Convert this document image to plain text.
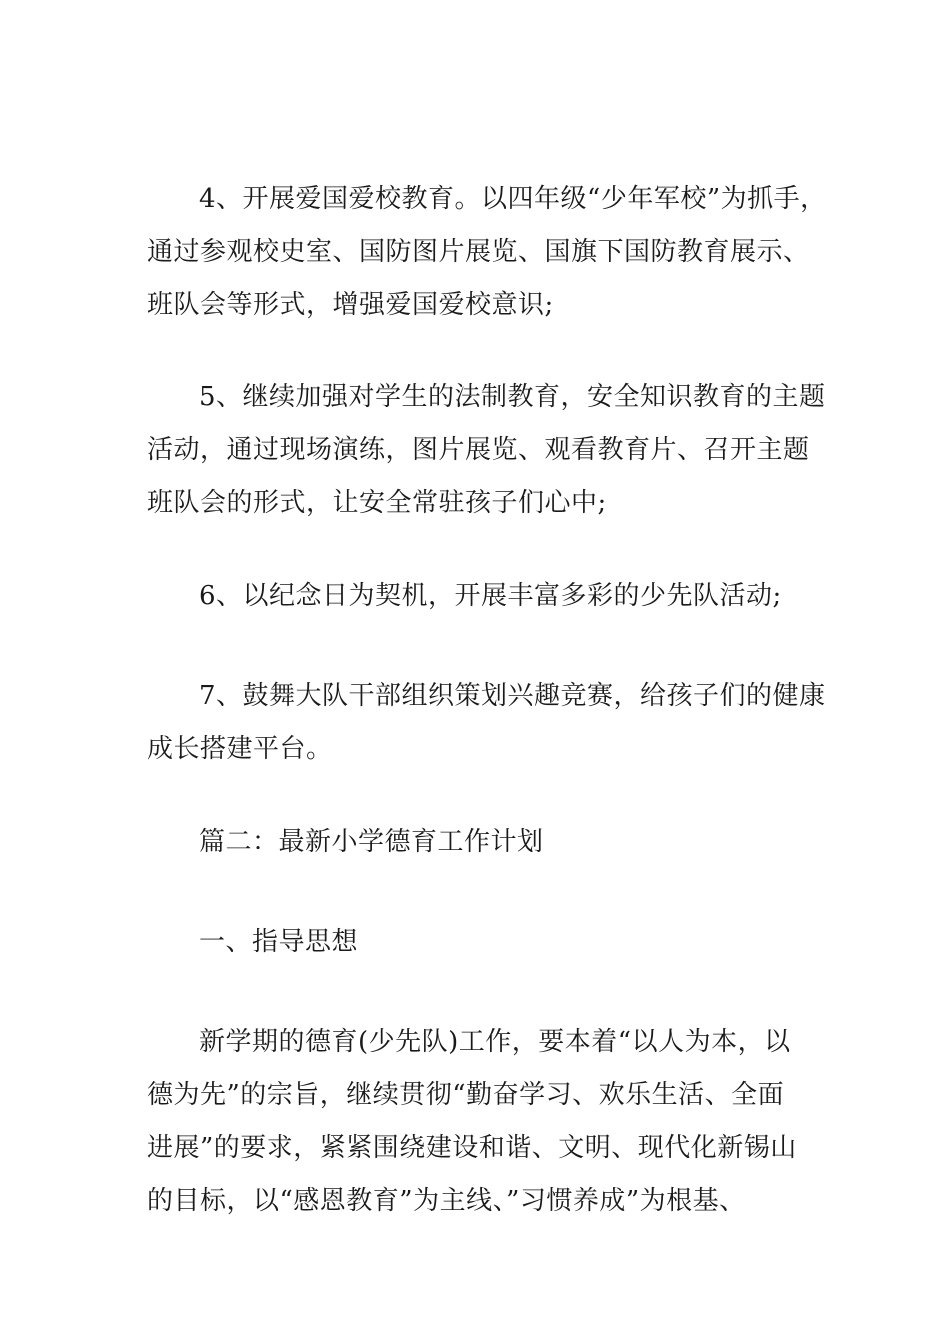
4、开展爱国爱校教育。以四年级“少年军校”为抓手，
通过参观校史室、国防图片展览、国旗下国防教育展示、
班队会等形式，增强爱国爱校意识;
5、继续加强对学生的法制教育，安全知识教育的主题
活动，通过现场演练，图片展览、观看教育片、召开主题
班队会的形式，让安全常驻孩子们心中;
6、以纪念日为契机，开展丰富多彩的少先队活动;
7、鼓舞大队干部组织策划兴趣竞赛，给孩子们的健康
成长搭建平台。
篇二：最新小学德育工作计划
一、指导思想
新学期的德育(少先队)工作，要本着“以人为本，以
德为先”的宗旨，继续贯彻“勤奋学习、欢乐生活、全面
进展”的要求，紧紧围绕建设和谐、文明、现代化新锡山
的目标，以“感恩教育”为主线、”习惯养成”为根基、
